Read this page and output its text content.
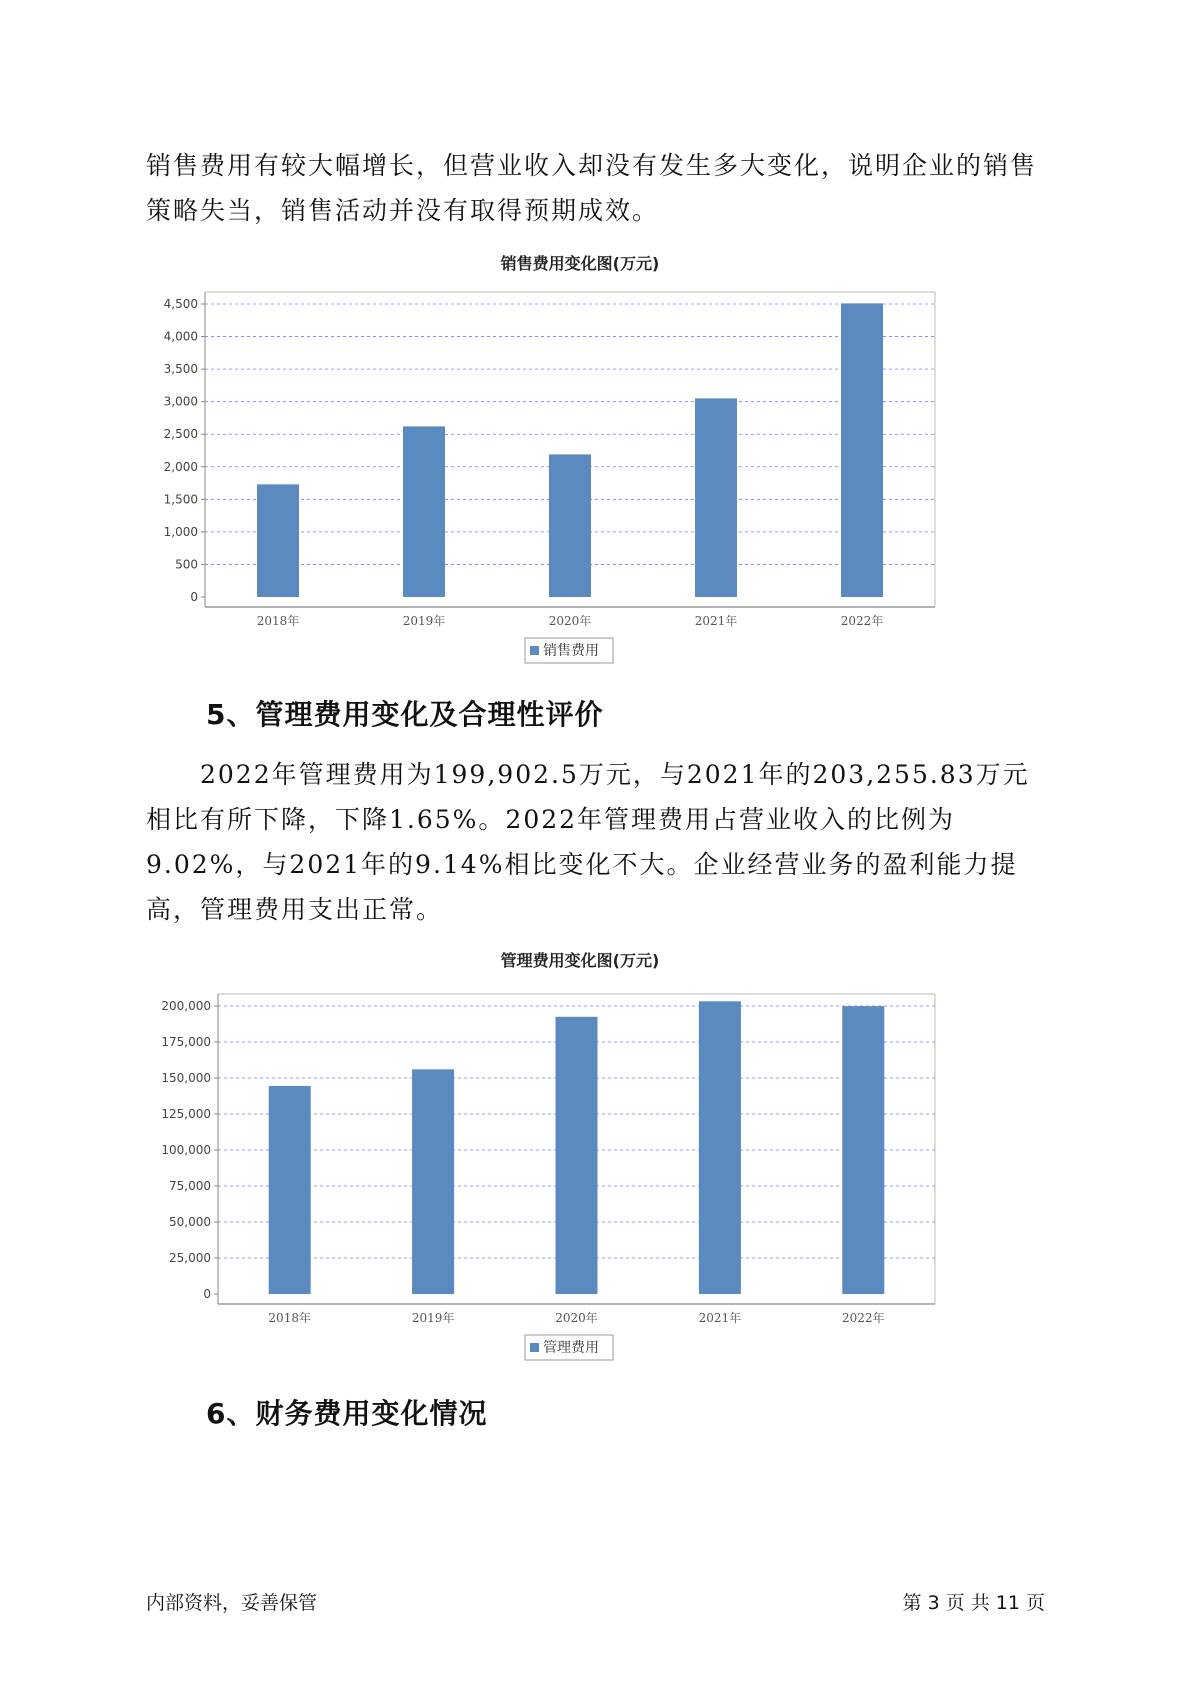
销售费用有较大幅增长，但营业收入却没有发生多大变化，说明企业的销售策略失当，销售活动并没有取得预期成效。

销售费用变化图(万元)
0
500
1,000
1,500
2,000
2,500
3,000
3,500
4,000
4,500
2018年	2019年	2020年	2021年	2022年
销售费用
5、管理费用变化及合理性评价

2022年管理费用为199,902.5万元，与2021年的203,255.83万元相比有所下降，下降1.65%。2022年管理费用占营业收入的比例为9.02%，与2021年的9.14%相比变化不大。企业经营业务的盈利能力提高，管理费用支出正常。

管理费用变化图(万元)
0
25,000
50,000
75,000
100,000
125,000
150,000
175,000
200,000
2018年	2019年	2020年	2021年	2022年
管理费用
6、财务费用变化情况
内部资料，妥善保管	第 3 页 共 11 页
